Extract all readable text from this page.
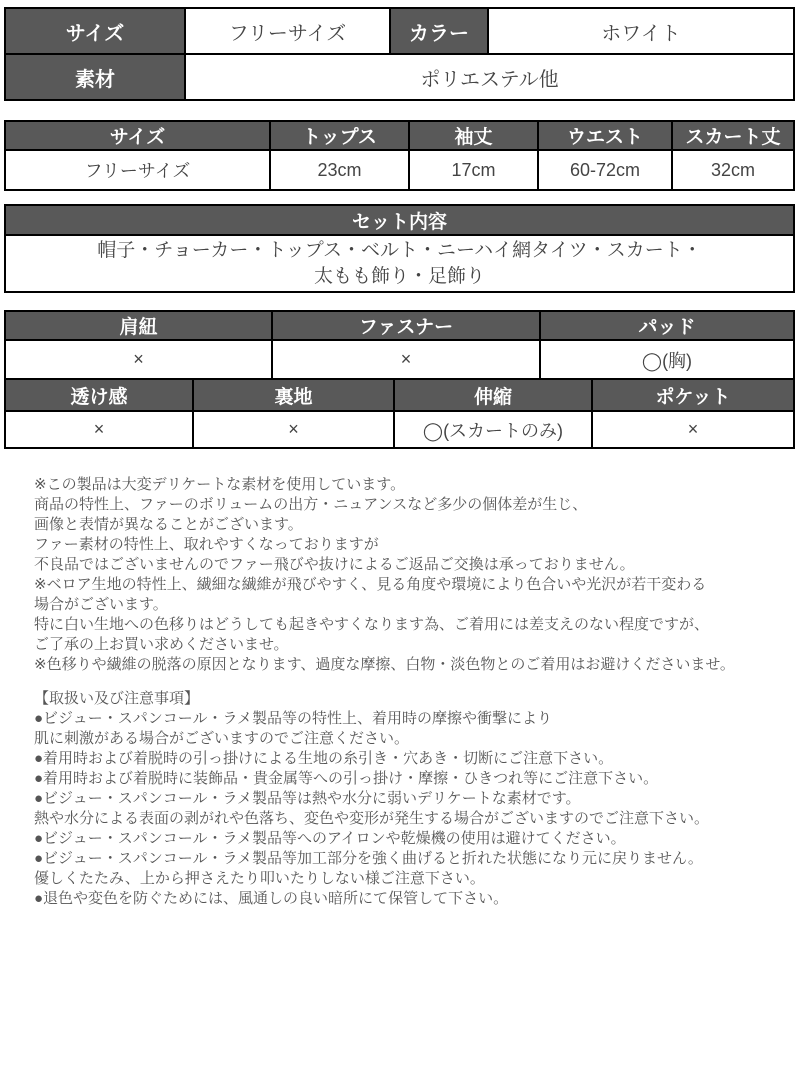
サイズ	フリーサイズ	カラー	ホワイト
素材	ポリエステル他		
サイズ	トップス	袖丈	ウエスト	スカート丈
フリーサイズ	23cm	17cm	60-72cm	32cm
セット内容

帽子・チョーカー・トップス・ベルト・ニーハイ網タイツ・スカート・
太もも飾り・足飾り
肩紐	ファスナー	パッド
×	×	◯(胸)
透け感	裏地	伸縮	ポケット
×	×	◯(スカートのみ)	×
※この製品は大変デリケートな素材を使用しています。
商品の特性上、ファーのボリュームの出方・ニュアンスなど多少の個体差が生じ、
画像と表情が異なることがございます。
ファー素材の特性上、取れやすくなっておりますが
不良品ではございませんのでファー飛びや抜けによるご返品ご交換は承っておりません。
※ベロア生地の特性上、繊細な繊維が飛びやすく、見る角度や環境により色合いや光沢が若干変わる
場合がございます。
特に白い生地への色移りはどうしても起きやすくなります為、ご着用には差支えのない程度ですが、
ご了承の上お買い求めくださいませ。
※色移りや繊維の脱落の原因となります、過度な摩擦、白物・淡色物とのご着用はお避けくださいませ。
【取扱い及び注意事項】
●ビジュー・スパンコール・ラメ製品等の特性上、着用時の摩擦や衝撃により
肌に刺激がある場合がございますのでご注意ください。
●着用時および着脱時の引っ掛けによる生地の糸引き・穴あき・切断にご注意下さい。
●着用時および着脱時に装飾品・貴金属等への引っ掛け・摩擦・ひきつれ等にご注意下さい。
●ビジュー・スパンコール・ラメ製品等は熱や水分に弱いデリケートな素材です。
熱や水分による表面の剥がれや色落ち、変色や変形が発生する場合がございますのでご注意下さい。
●ビジュー・スパンコール・ラメ製品等へのアイロンや乾燥機の使用は避けてください。
●ビジュー・スパンコール・ラメ製品等加工部分を強く曲げると折れた状態になり元に戻りません。
優しくたたみ、上から押さえたり叩いたりしない様ご注意下さい。
●退色や変色を防ぐためには、風通しの良い暗所にて保管して下さい。
